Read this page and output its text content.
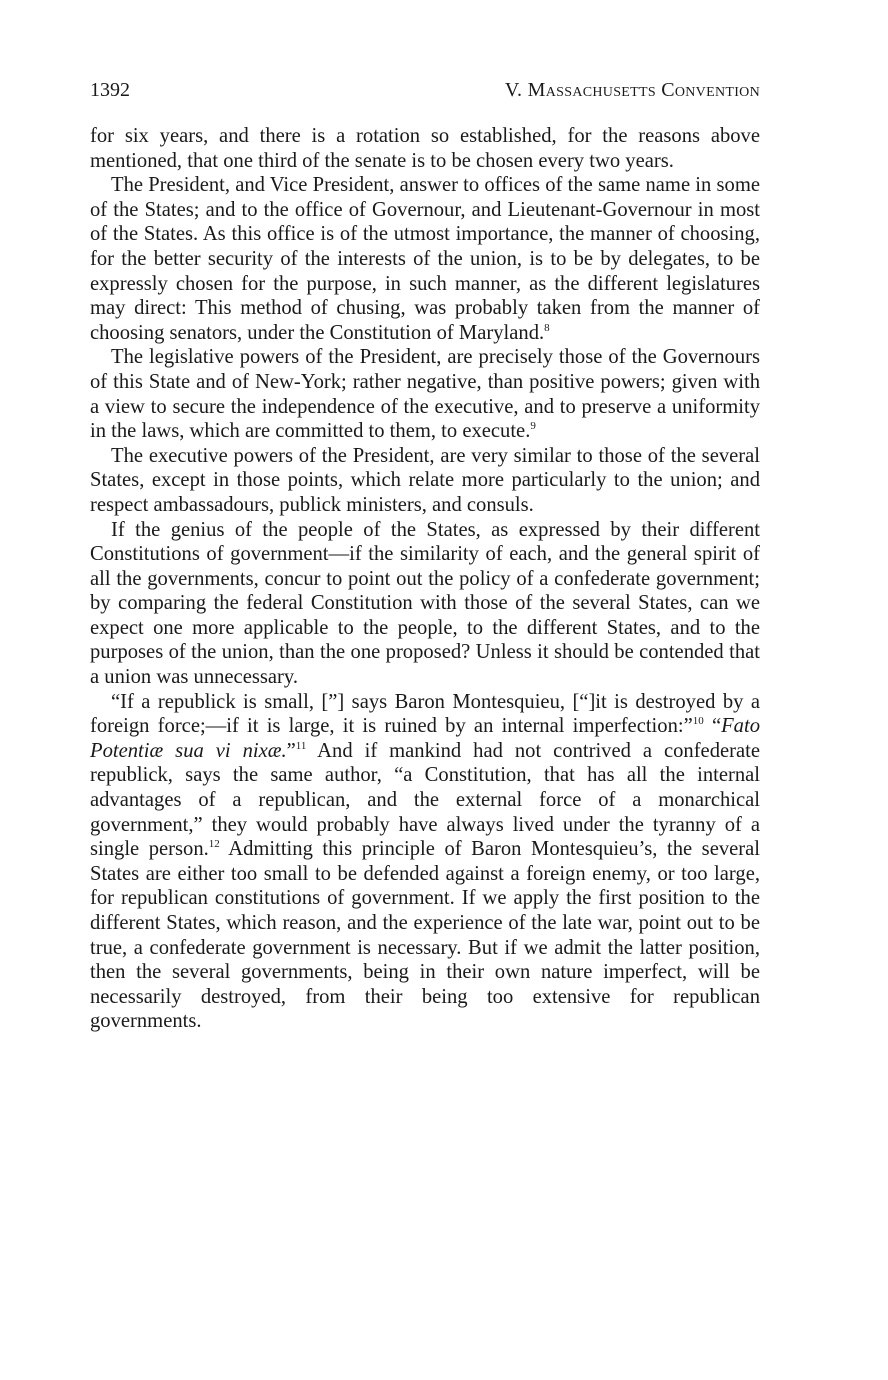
1392	V. Massachusetts Convention

for six years, and there is a rotation so established, for the reasons above mentioned, that one third of the senate is to be chosen every two years.

The President, and Vice President, answer to offices of the same name in some of the States; and to the office of Governour, and Lieutenant-Governour in most of the States. As this office is of the utmost importance, the manner of choosing, for the better security of the interests of the union, is to be by delegates, to be expressly chosen for the purpose, in such manner, as the different legislatures may direct: This method of chusing, was probably taken from the manner of choosing senators, under the Constitution of Maryland.$^8$

The legislative powers of the President, are precisely those of the Governours of this State and of New-York; rather negative, than positive powers; given with a view to secure the independence of the executive, and to preserve a uniformity in the laws, which are committed to them, to execute.$^9$

The executive powers of the President, are very similar to those of the several States, except in those points, which relate more particularly to the union; and respect ambassadours, publick ministers, and consuls.

If the genius of the people of the States, as expressed by their different Constitutions of government—if the similarity of each, and the general spirit of all the governments, concur to point out the policy of a confederate government; by comparing the federal Constitution with those of the several States, can we expect one more applicable to the people, to the different States, and to the purposes of the union, than the one proposed? Unless it should be contended that a union was unnecessary.

“If a republick is small, [”] says Baron Montesquieu, [“]it is destroyed by a foreign force;—if it is large, it is ruined by an internal imperfection:”$^{10}$ “Fato Potentiæ sua vi nixæ.”$^{11}$ And if mankind had not contrived a confederate republick, says the same author, “a Constitution, that has all the internal advantages of a republican, and the external force of a monarchical government,” they would probably have always lived under the tyranny of a single person.$^{12}$ Admitting this principle of Baron Montesquieu’s, the several States are either too small to be defended against a foreign enemy, or too large, for republican constitutions of government. If we apply the first position to the different States, which reason, and the experience of the late war, point out to be true, a confederate government is necessary. But if we admit the latter position, then the several governments, being in their own nature imperfect, will be necessarily destroyed, from their being too extensive for republican governments.
